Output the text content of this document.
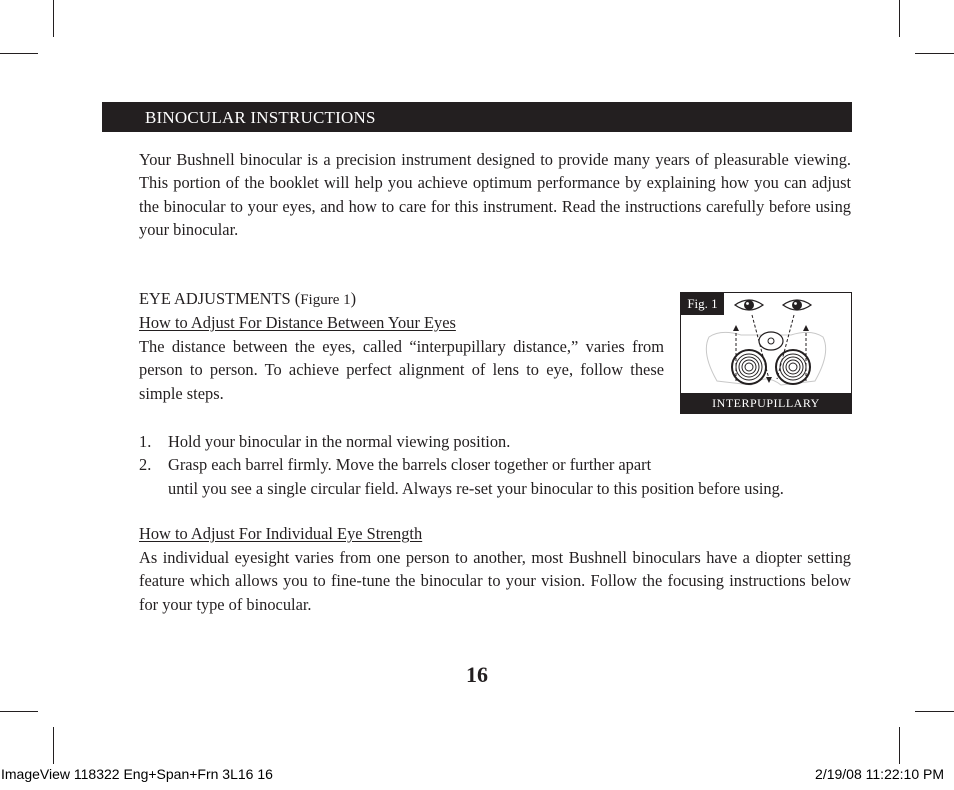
BINOCULAR INSTRUCTIONS

Your Bushnell binocular is a precision instrument designed to provide many years of pleasurable viewing. This portion of the booklet will help you achieve optimum performance by explaining how you can adjust the binocular to your eyes, and how to care for this instrument. Read the instructions carefully before using your binocular.

EYE ADJUSTMENTS (Figure 1)
How to Adjust For Distance Between Your Eyes

The distance between the eyes, called “interpupillary distance,” varies from person to person. To achieve perfect alignment of lens to eye, follow these simple steps.

1. Hold your binocular in the normal viewing position.
2. Grasp each barrel firmly. Move the barrels closer together or further apart
until you see a single circular field. Always re-set your binocular to this position before using.
How to Adjust For Individual Eye Strength

As individual eyesight varies from one person to another, most Bushnell binoculars have a diopter setting feature which allows you to fine-tune the binocular to your vision. Follow the focusing instructions below for your type of binocular.

Fig. 1
INTERPUPILLARY
16
ImageView 118322 Eng+Span+Frn 3L16 16	2/19/08 11:22:10 PM
